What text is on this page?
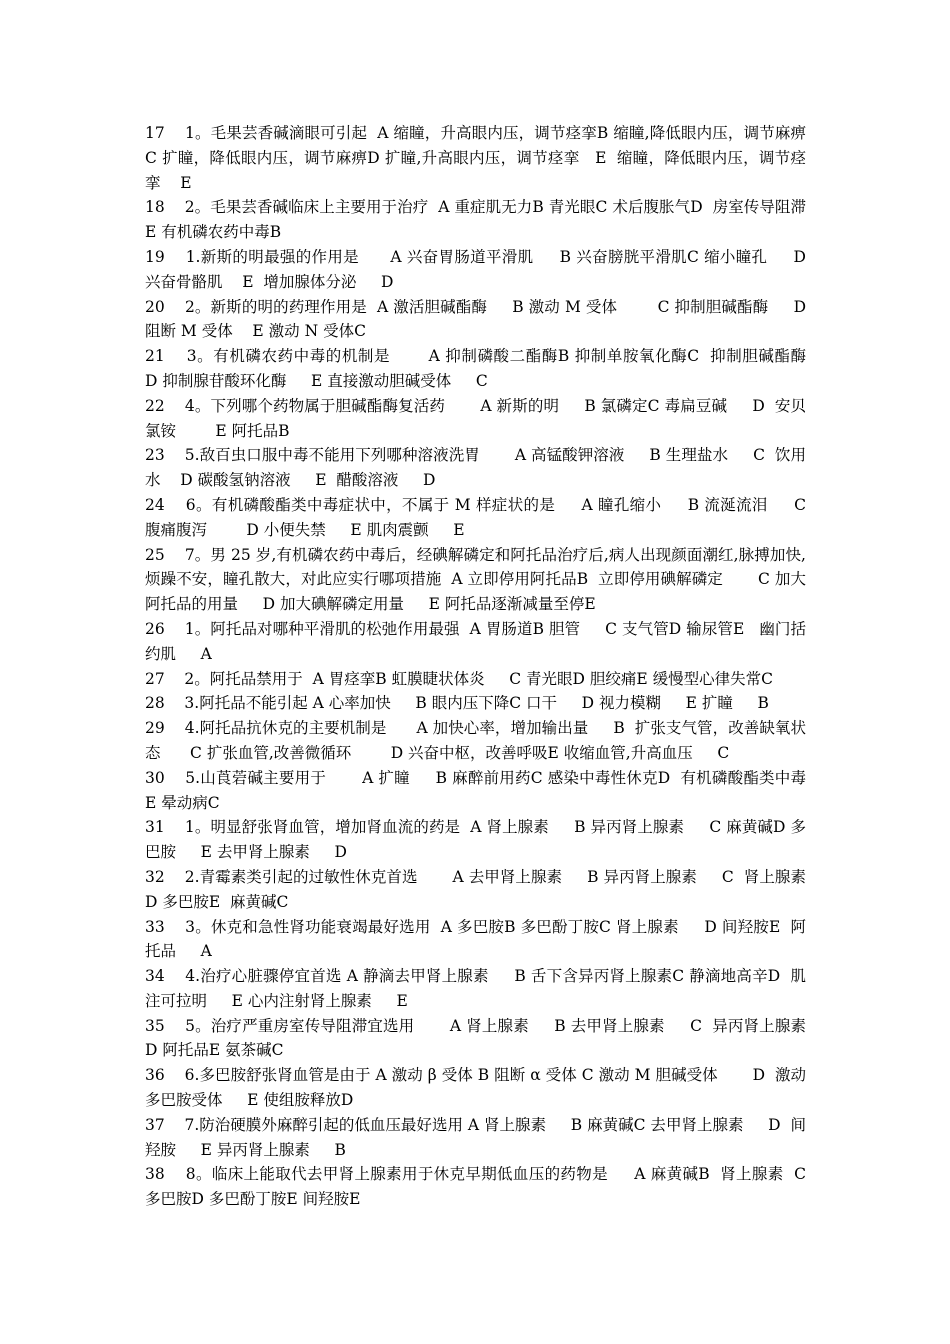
17    1。毛果芸香碱滴眼可引起  A 缩瞳，升高眼内压，调节痉挛B 缩瞳,降低眼内压，调节麻痹      C 扩瞳，降低眼内压，调节麻痹D 扩瞳,升高眼内压，调节痉挛   E  缩瞳，降低眼内压，调节痉挛    E

18    2。毛果芸香碱临床上主要用于治疗  A 重症肌无力B 青光眼C 术后腹胀气D  房室传导阻滞      E 有机磷农药中毒B

19    1.新斯的明最强的作用是      A 兴奋胃肠道平滑肌     B 兴奋膀胱平滑肌C 缩小瞳孔     D  兴奋骨骼肌    E  增加腺体分泌     D

20    2。新斯的明的药理作用是  A 激活胆碱酯酶     B 激动 M 受体        C 抑制胆碱酯酶     D  阻断 M 受体    E 激动 N 受体C

21    3。有机磷农药中毒的机制是       A 抑制磷酸二酯酶B 抑制单胺氧化酶C  抑制胆碱酯酶       D 抑制腺苷酸环化酶     E 直接激动胆碱受体     C

22    4。下列哪个药物属于胆碱酯酶复活药       A 新斯的明     B 氯磷定C 毒扁豆碱     D  安贝氯铵        E 阿托品B

23    5.敌百虫口服中毒不能用下列哪种溶液洗胃       A 高锰酸钾溶液     B 生理盐水     C  饮用水    D 碳酸氢钠溶液     E  醋酸溶液     D

24    6。有机磷酸酯类中毒症状中，不属于 M 样症状的是     A 瞳孔缩小     B 流涎流泪     C  腹痛腹泻        D 小便失禁     E 肌肉震颤     E

25    7。男 25 岁,有机磷农药中毒后，经碘解磷定和阿托品治疗后,病人出现颜面潮红,脉搏加快,烦躁不安，瞳孔散大，对此应实行哪项措施  A 立即停用阿托品B  立即停用碘解磷定       C 加大阿托品的用量     D 加大碘解磷定用量     E 阿托品逐渐减量至停E

26    1。阿托品对哪种平滑肌的松弛作用最强  A 胃肠道B 胆管     C 支气管D 输尿管E   幽门括约肌     A

27    2。阿托品禁用于  A 胃痉挛B 虹膜睫状体炎     C 青光眼D 胆绞痛E 缓慢型心律失常C

28    3.阿托品不能引起 A 心率加快     B 眼内压下降C 口干     D 视力模糊     E 扩瞳     B

29    4.阿托品抗休克的主要机制是      A 加快心率，增加输出量     B  扩张支气管，改善缺氧状态      C 扩张血管,改善微循环        D 兴奋中枢，改善呼吸E 收缩血管,升高血压     C

30    5.山莨菪碱主要用于       A 扩瞳     B 麻醉前用药C 感染中毒性休克D  有机磷酸酯类中毒      E 晕动病C

31    1。明显舒张肾血管，增加肾血流的药是  A 肾上腺素     B 异丙肾上腺素     C 麻黄碱D 多巴胺     E 去甲肾上腺素     D

32    2.青霉素类引起的过敏性休克首选       A 去甲肾上腺素     B 异丙肾上腺素     C  肾上腺素 D 多巴胺E  麻黄碱C

33    3。休克和急性肾功能衰竭最好选用  A 多巴胺B 多巴酚丁胺C 肾上腺素     D 间羟胺E  阿托品     A

34    4.治疗心脏骤停宜首选 A 静滴去甲肾上腺素     B 舌下含异丙肾上腺素C 静滴地高辛D  肌注可拉明     E 心内注射肾上腺素     E

35    5。治疗严重房室传导阻滞宜选用       A 肾上腺素     B 去甲肾上腺素     C  异丙肾上腺素 D 阿托品E 氨茶碱C

36    6.多巴胺舒张肾血管是由于 A 激动 β 受体 B 阻断 α 受体 C 激动 M 胆碱受体       D  激动多巴胺受体     E 使组胺释放D

37    7.防治硬膜外麻醉引起的低血压最好选用 A 肾上腺素     B 麻黄碱C 去甲肾上腺素     D  间羟胺     E 异丙肾上腺素     B

38    8。临床上能取代去甲肾上腺素用于休克早期低血压的药物是     A 麻黄碱B  肾上腺素  C 多巴胺D 多巴酚丁胺E 间羟胺E
